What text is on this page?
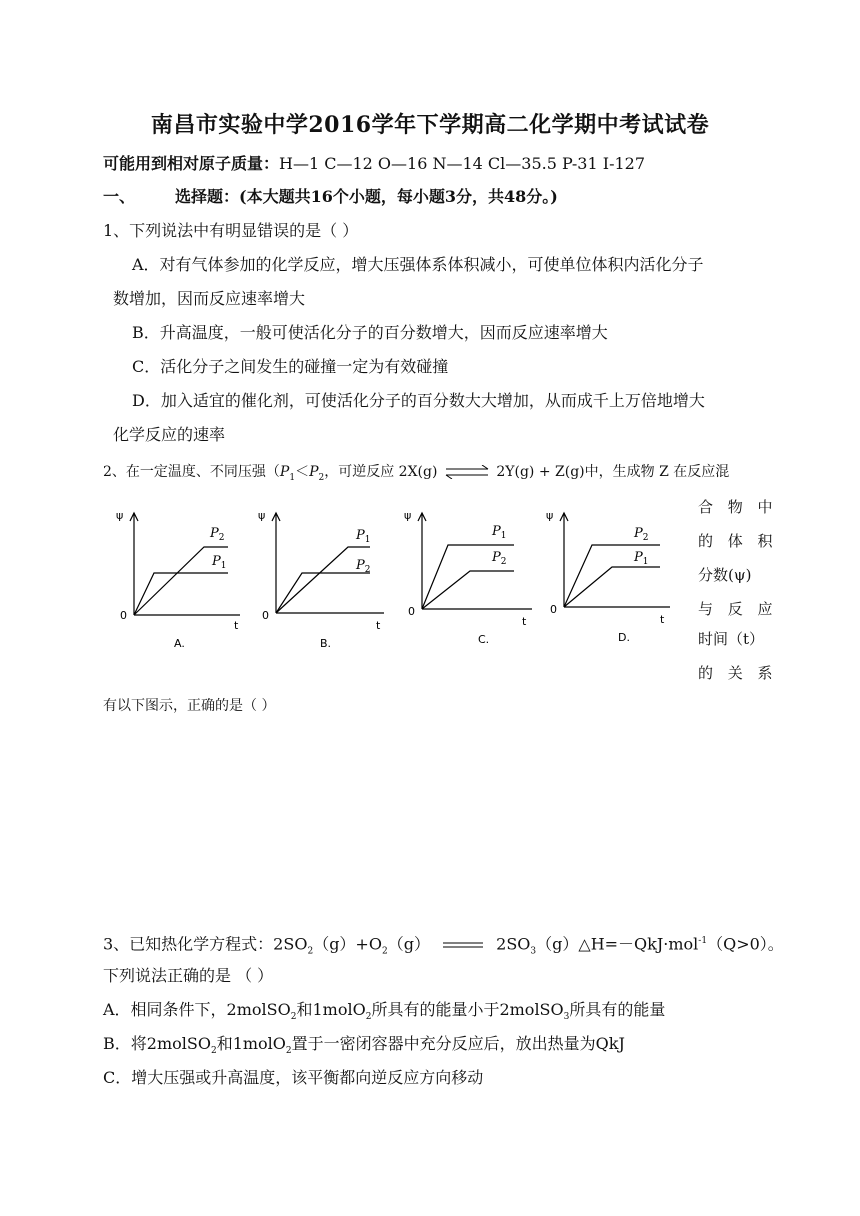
南昌市实验中学2016学年下学期高二化学期中考试试卷
可能用到相对原子质量：H—1 C—12 O—16 N—14 Cl—35.5 P-31 I-127
一、	选择题：(本大题共16个小题，每小题3分，共48分。)
1、下列说法中有明显错误的是（ ）
A．对有气体参加的化学反应，增大压强体系体积减小，可使单位体积内活化分子
数增加，因而反应速率增大
B．升高温度，一般可使活化分子的百分数增大，因而反应速率增大
C．活化分子之间发生的碰撞一定为有效碰撞
D．加入适宜的催化剂，可使活化分子的百分数大大增加，从而成千上万倍地增大
化学反应的速率
2、在一定温度、不同压强（$P_1<P_2$，可逆反应 2X(g) ⇌ 2Y(g) + Z(g)中，生成物 Z 在反应混
合 物 中
的 体 积
分数(ψ)
与 反 应
时间（t）
的 关 系
ψ
0
t
$P_2$
$P_1$
A.
ψ
0
t
$P_1$
$P_2$
B.
ψ
0
t
$P_1$
$P_2$
C.
ψ
0
t
$P_2$
$P_1$
D.
有以下图示，正确的是（ ）
3、已知热化学方程式：$2SO_2(g)+O_2(g)$	$2SO_3(g)\triangle H=-QkJ\cdot mol^{-1}(Q>0)$。
下列说法正确的是 （ ）
A．相同条件下，2molSO$_2$和1molO$_2$所具有的能量小于2molSO$_3$所具有的能量
B．将2molSO$_2$和1molO$_2$置于一密闭容器中充分反应后，放出热量为QkJ
C．增大压强或升高温度，该平衡都向逆反应方向移动
